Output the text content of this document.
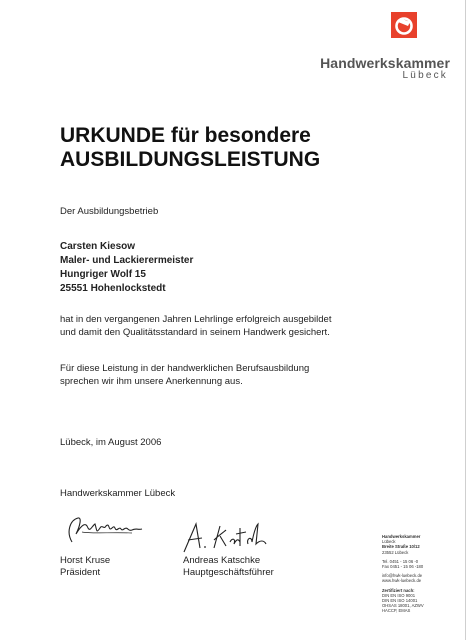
Handwerkskammer
Lübeck
URKUNDE für besondere
AUSBILDUNGSLEISTUNG
Der Ausbildungsbetrieb
Carsten Kiesow
Maler- und Lackierermeister
Hungriger Wolf 15
25551 Hohenlockstedt
hat in den vergangenen Jahren Lehrlinge erfolgreich ausgebildet
und damit den Qualitätsstandard in seinem Handwerk gesichert.
Für diese Leistung in der handwerklichen Berufsausbildung
sprechen wir ihm unsere Anerkennung aus.
Lübeck, im August 2006
Handwerkskammer Lübeck
Horst Kruse
Präsident
Andreas Katschke
Hauptgeschäftsführer
Handwerkskammer
Lübeck
Breite Straße 10/12
23552 Lübeck
Tel. 0451 - 15 06 -0
Fax 0451 - 15 06 -180
info@hwk-luebeck.de
www.hwk-luebeck.de
Zertifiziert nach:
DIN EN ISO 9001
DIN EN ISO 14001
OHSAS 18001, AZWV
HACCP, EMAS
